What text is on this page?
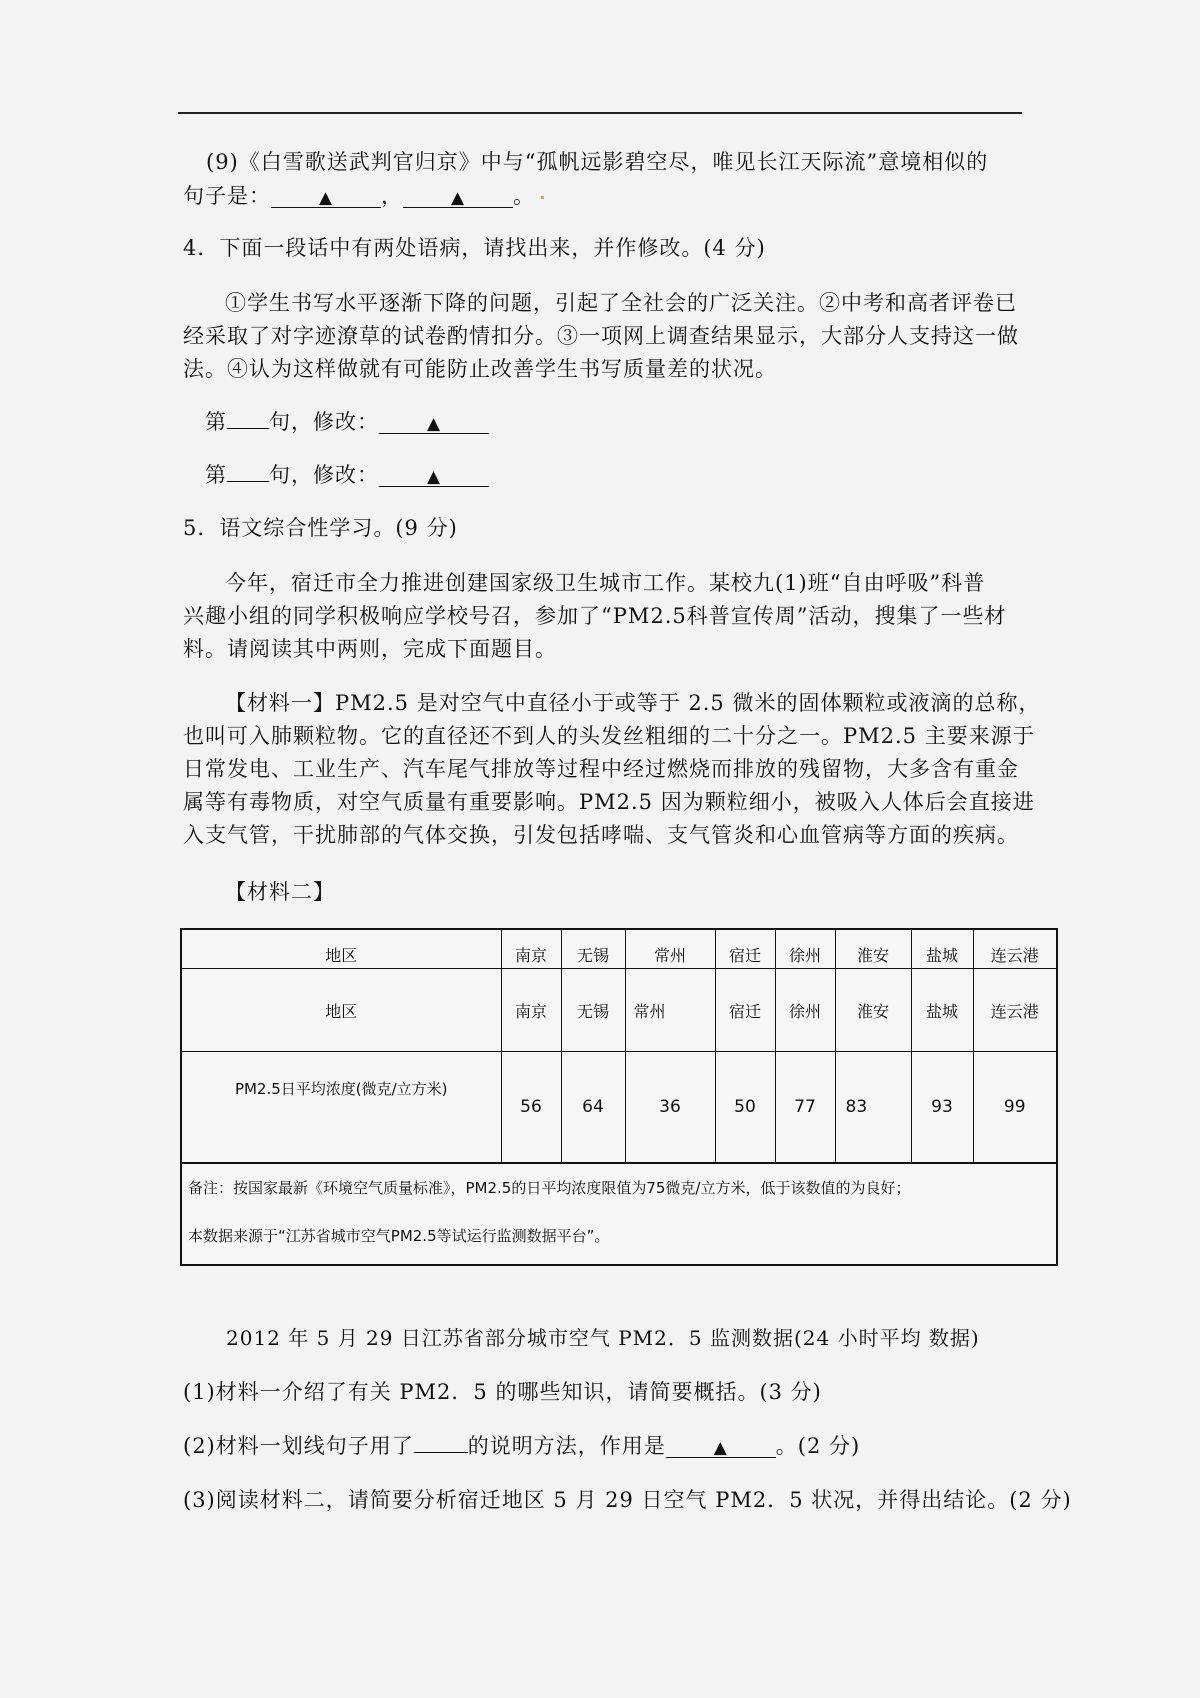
(9)《白雪歌送武判官归京》中与“孤帆远影碧空尽，唯见长江天际流”意境相似的
句子是：	▲ ，	▲ 。
4．下面一段话中有两处语病，请找出来，并作修改。(4 分)
①学生书写水平逐渐下降的问题，引起了全社会的广泛关注。②中考和高者评卷已
经采取了对字迹潦草的试卷酌情扣分。③一项网上调查结果显示，大部分人支持这一做
法。④认为这样做就有可能防止改善学生书写质量差的状况。
第 句，修改：	▲
第 句，修改：	▲
5．语文综合性学习。(9 分)
今年，宿迁市全力推进创建国家级卫生城市工作。某校九(1)班“自由呼吸”科普
兴趣小组的同学积极响应学校号召，参加了“PM2.5科普宣传周”活动，搜集了一些材
料。请阅读其中两则，完成下面题目。
【材料一】PM2.5 是对空气中直径小于或等于 2.5 微米的固体颗粒或液滴的总称，
也叫可入肺颗粒物。它的直径还不到人的头发丝粗细的二十分之一。PM2.5 主要来源于
日常发电、工业生产、汽车尾气排放等过程中经过燃烧而排放的残留物，大多含有重金
属等有毒物质，对空气质量有重要影响。PM2.5 因为颗粒细小，被吸入人体后会直接进
入支气管，干扰肺部的气体交换，引发包括哮喘、支气管炎和心血管病等方面的疾病。
【材料二】
地区	南京	无锡	常州	宿迁	徐州	淮安	盐城	连云港
地区	南京	无锡	常州	宿迁	徐州	淮安	盐城	连云港
PM2.5日平均浓度(微克/立方米)	56	64	36	50	77	83	93	99

备注：按国家最新《环境空气质量标准》，PM2.5的日平均浓度限值为75微克/立方米，低于该数值的为良好；
本数据来源于“江苏省城市空气PM2.5等试运行监测数据平台”。								
2012 年 5 月 29 日江苏省部分城市空气 PM2．5 监测数据(24 小时平均 数据)
(1)材料一介绍了有关 PM2．5 的哪些知识，请简要概括。(3 分)
(2)材料一划线句子用了	的说明方法，作用是	▲ 。(2 分)
(3)阅读材料二，请简要分析宿迁地区 5 月 29 日空气 PM2．5 状况，并得出结论。(2 分)
